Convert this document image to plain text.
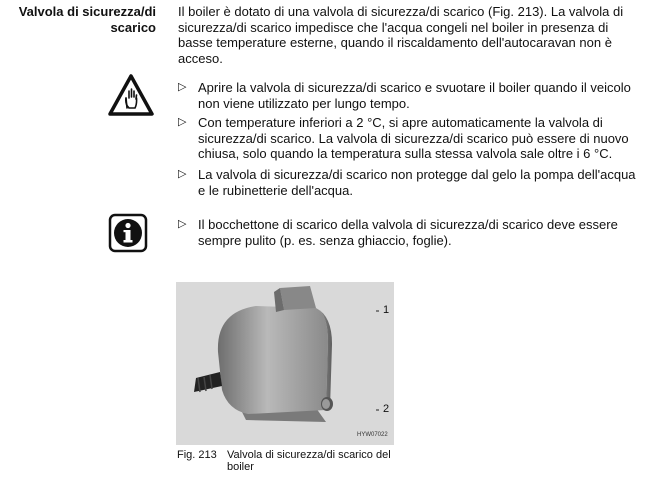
Valvola di sicurezza/di
scarico
Il boiler è dotato di una valvola di sicurezza/di scarico (Fig. 213). La valvola di sicurezza/di scarico impedisce che l'acqua congeli nel boiler in presenza di basse temperature esterne, quando il riscaldamento dell'autocaravan non è acceso.
▷ Aprire la valvola di sicurezza/di scarico e svuotare il boiler quando il veicolo non viene utilizzato per lungo tempo.
▷ Con temperature inferiori a 2 °C, si apre automaticamente la valvola di sicurezza/di scarico. La valvola di sicurezza/di scarico può essere di nuovo chiusa, solo quando la temperatura sulla stessa valvola sale oltre i 6 °C.
▷ La valvola di sicurezza/di scarico non protegge dal gelo la pompa dell'acqua e le rubinetterie dell'acqua.
▷ Il bocchettone di scarico della valvola di sicurezza/di scarico deve essere sempre pulito (p. es. senza ghiaccio, foglie).
1
2
HYW07022
Fig. 213 Valvola di sicurezza/di scarico del boiler
